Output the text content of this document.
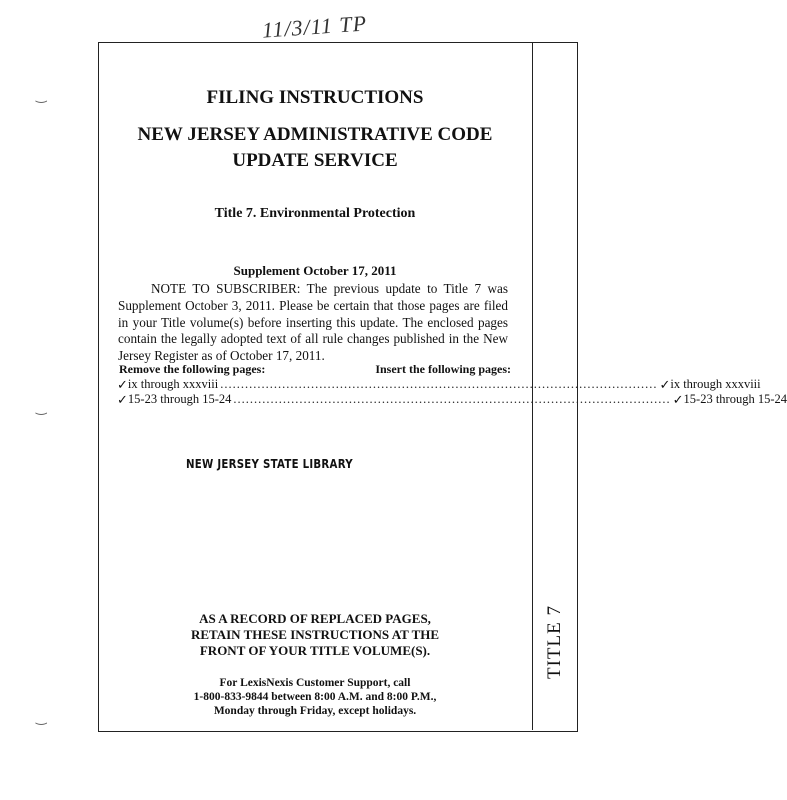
11/3/11 TP
‿
‿
‿
FILING INSTRUCTIONS
NEW JERSEY ADMINISTRATIVE CODE
UPDATE SERVICE
Title 7. Environmental Protection
Supplement October 17, 2011
NOTE TO SUBSCRIBER: The previous update to Title 7 was Supplement October 3, 2011. Please be certain that those pages are filed in your Title volume(s) before inserting this update. The enclosed pages contain the legally adopted text of all rule changes published in the New Jersey Register as of October 17, 2011.
Remove the following pages:	Insert the following pages:
✓ ix through xxxviii .......................................................................................................... ✓ ix through xxxviii
✓ 15-23 through 15-24 .......................................................................................................... ✓ 15-23 through 15-24
NEW JERSEY STATE LIBRARY
AS A RECORD OF REPLACED PAGES,
RETAIN THESE INSTRUCTIONS AT THE
FRONT OF YOUR TITLE VOLUME(S).
For LexisNexis Customer Support, call
1-800-833-9844 between 8:00 A.M. and 8:00 P.M.,
Monday through Friday, except holidays.
TITLE 7
